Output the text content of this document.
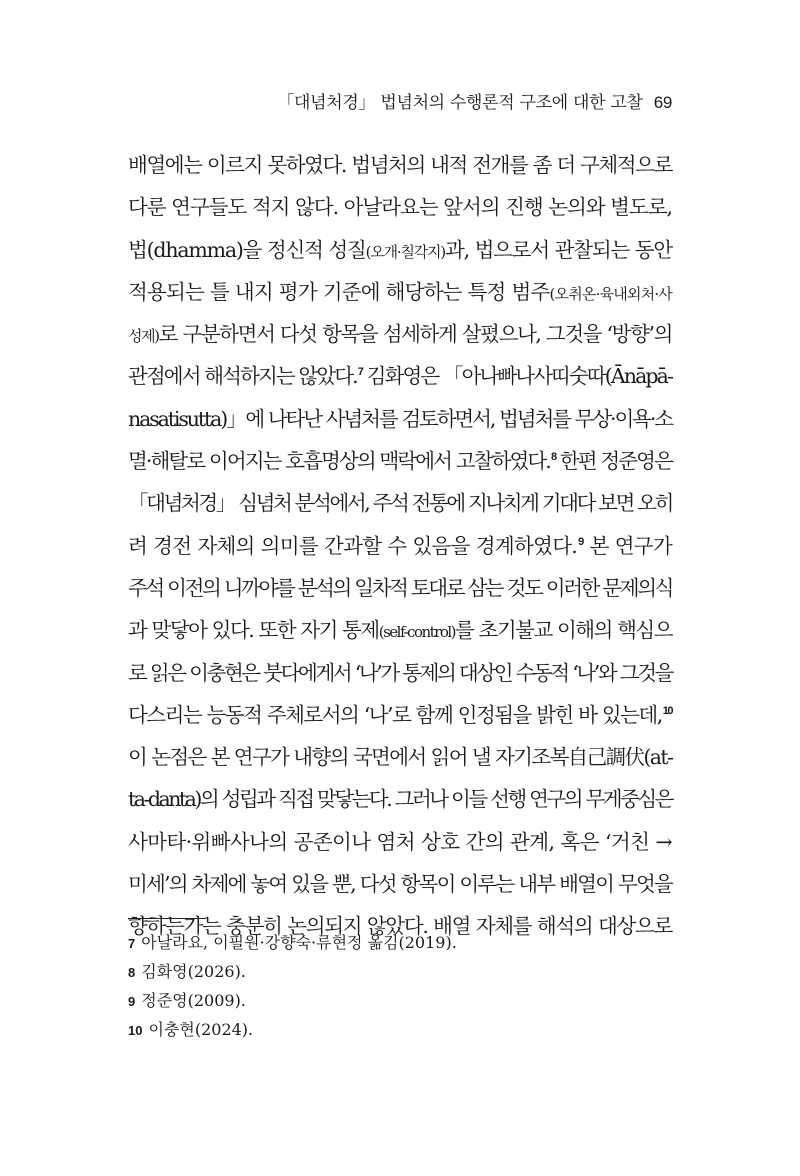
「대념처경」 법념처의 수행론적 구조에 대한 고찰 69
배열에는 이르지 못하였다. 법념처의 내적 전개를 좀 더 구체적으로
다룬 연구들도 적지 않다. 아날라요는 앞서의 진행 논의와 별도로,
법(dhamma)을 정신적 성질(오개·칠각지)과, 법으로서 관찰되는 동안
적용되는 틀 내지 평가 기준에 해당하는 특정 범주(오취온·육내외처·사
성제)로 구분하면서 다섯 항목을 섬세하게 살폈으나, 그것을 ‘방향’의
관점에서 해석하지는 않았다.$^7$ 김화영은 「아나빠나사띠숫따(Ānāpā-
nasatisutta)」에 나타난 사념처를 검토하면서, 법념처를 무상·이욕·소
멸·해탈로 이어지는 호흡명상의 맥락에서 고찰하였다.$^8$ 한편 정준영은
「대념처경」 심념처 분석에서, 주석 전통에 지나치게 기대다 보면 오히
려 경전 자체의 의미를 간과할 수 있음을 경계하였다.$^9$ 본 연구가
주석 이전의 니까야를 분석의 일차적 토대로 삼는 것도 이러한 문제의식
과 맞닿아 있다. 또한 자기 통제(self-control)를 초기불교 이해의 핵심으
로 읽은 이충현은 붓다에게서 ‘나’가 통제의 대상인 수동적 ‘나’와 그것을
다스리는 능동적 주체로서의 ‘나’로 함께 인정됨을 밝힌 바 있는데,$^{10}$
이 논점은 본 연구가 내향의 국면에서 읽어 낼 자기조복自己調伏(at-
ta-danta)의 성립과 직접 맞닿는다. 그러나 이들 선행 연구의 무게중심은
사마타·위빠사나의 공존이나 염처 상호 간의 관계, 혹은 ‘거친 →
미세’의 차제에 놓여 있을 뿐, 다섯 항목이 이루는 내부 배열이 무엇을
향하는가는 충분히 논의되지 않았다. 배열 자체를 해석의 대상으로
7 아날라요, 이필원·강향숙·류현정 옮김(2019).
8 김화영(2026).
9 정준영(2009).
10 이충현(2024).
